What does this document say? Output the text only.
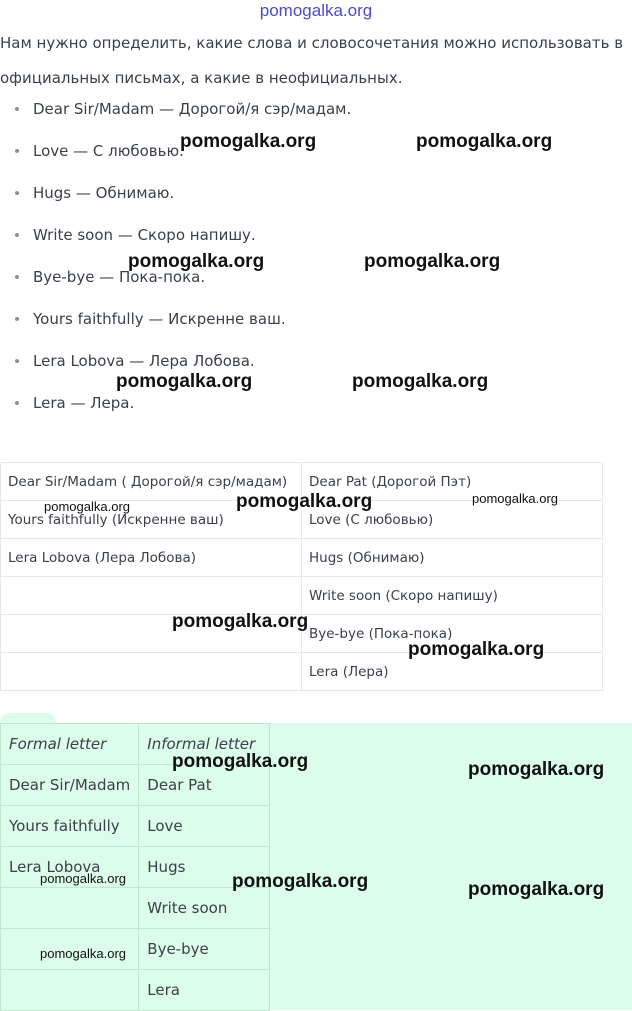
pomogalka.org

Нам нужно определить, какие слова и словосочетания можно использовать в

официальных письмах, а какие в неофициальных.

Dear Sir/Madam — Дорогой/я сэр/мадам.
Love — С любовью.
Hugs — Обнимаю.
Write soon — Скоро напишу.
Bye-bye — Пока-пока.
Yours faithfully — Искренне ваш.
Lera Lobova — Лера Лобова.
Lera — Лера.
Dear Sir/Madam ( Дорогой/я сэр/мадам)	Dear Pat (Дорогой Пэт)
Yours faithfully (Искренне ваш)	Love (С любовью)
Lera Lobova (Лера Лобова)	Hugs (Обнимаю)
	Write soon (Скоро напишу)
	Bye-bye (Пока-пока)
	Lera (Лера)
Formal letter	Informal letter
Dear Sir/Madam	Dear Pat
Yours faithfully	Love
Lera Lobova	Hugs
	Write soon
	Bye-bye
	Lera
pomogalka.org	pomogalka.org
pomogalka.org	pomogalka.org
pomogalka.org	pomogalka.org
pomogalka.org	pomogalka.org	pomogalka.org
pomogalka.org
pomogalka.org
pomogalka.org	pomogalka.org
pomogalka.org	pomogalka.org	pomogalka.org
pomogalka.org
